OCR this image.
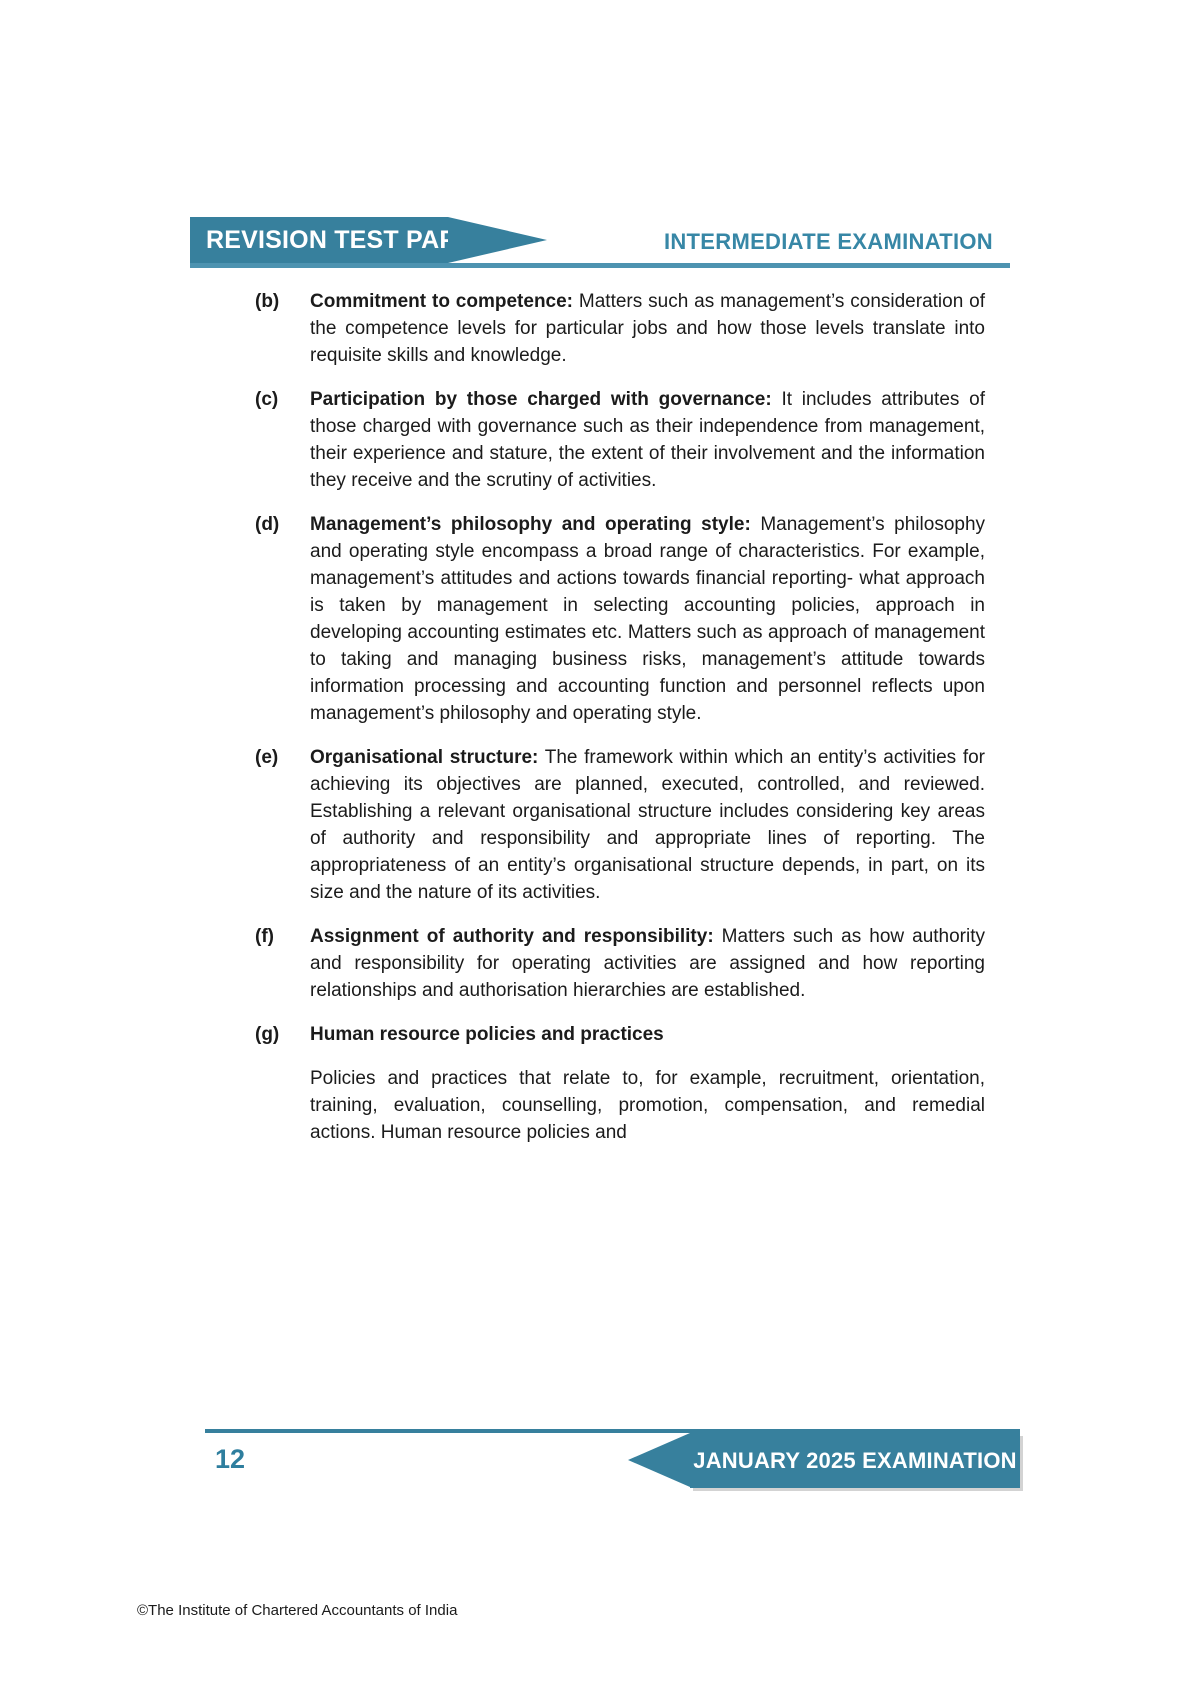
REVISION TEST PAPER	INTERMEDIATE EXAMINATION
(b)	Commitment to competence: Matters such as management’s consideration of the competence levels for particular jobs and how those levels translate into requisite skills and knowledge.

(c)	Participation by those charged with governance: It includes attributes of those charged with governance such as their independence from management, their experience and stature, the extent of their involvement and the information they receive and the scrutiny of activities.

(d)	Management’s philosophy and operating style: Management’s philosophy and operating style encompass a broad range of characteristics. For example, management’s attitudes and actions towards financial reporting- what approach is taken by management in selecting accounting policies, approach in developing accounting estimates etc. Matters such as approach of management to taking and managing business risks, management’s attitude towards information processing and accounting function and personnel reflects upon management’s philosophy and operating style.

(e)	Organisational structure: The framework within which an entity’s activities for achieving its objectives are planned, executed, controlled, and reviewed. Establishing a relevant organisational structure includes considering key areas of authority and responsibility and appropriate lines of reporting. The appropriateness of an entity’s organisational structure depends, in part, on its size and the nature of its activities.

(f)	Assignment of authority and responsibility: Matters such as how authority and responsibility for operating activities are assigned and how reporting relationships and authorisation hierarchies are established.

(g)	Human resource policies and practices

Policies and practices that relate to, for example, recruitment, orientation, training, evaluation, counselling, promotion, compensation, and remedial actions. Human resource policies and

12	JANUARY 2025 EXAMINATION
©The Institute of Chartered Accountants of India
